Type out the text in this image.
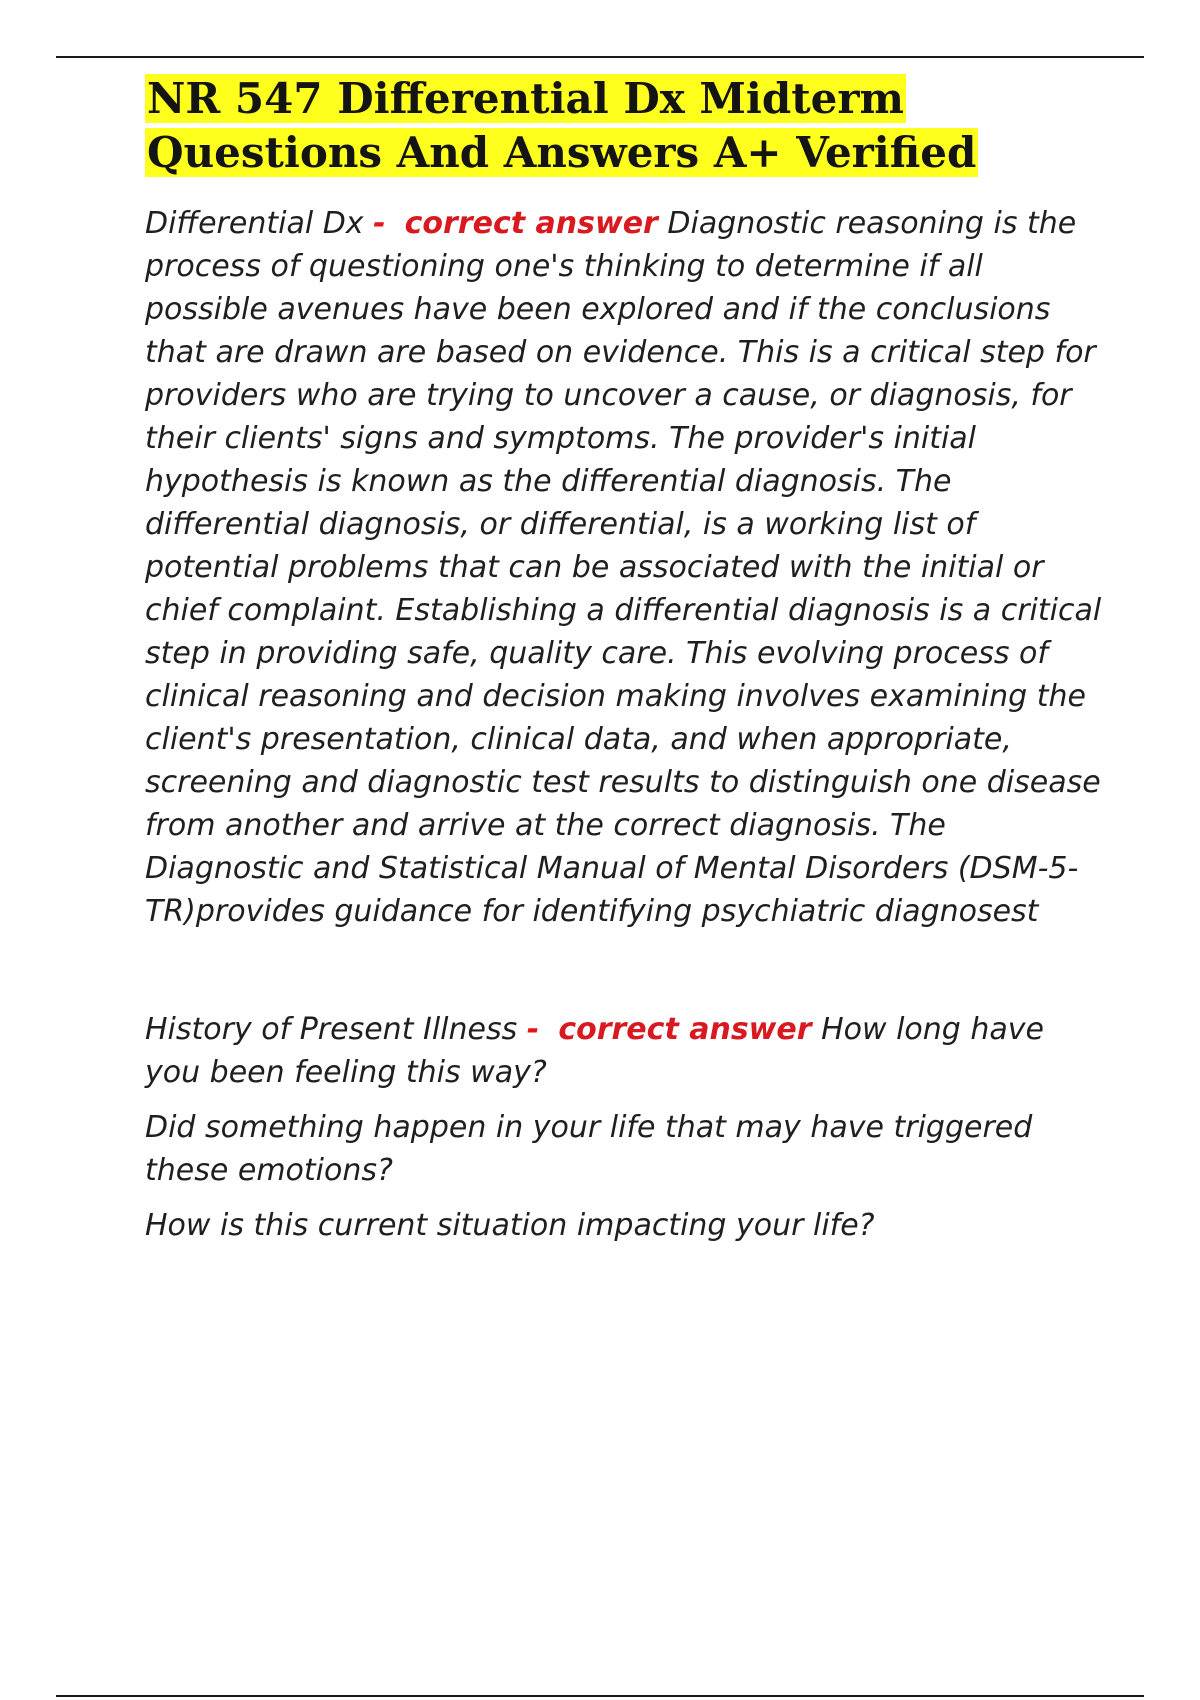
NR 547 Differential Dx Midterm Questions And Answers A+ Verified

Differential Dx - correct answer Diagnostic reasoning is the process of questioning one's thinking to determine if all possible avenues have been explored and if the conclusions that are drawn are based on evidence. This is a critical step for providers who are trying to uncover a cause, or diagnosis, for their clients' signs and symptoms. The provider's initial hypothesis is known as the differential diagnosis. The differential diagnosis, or differential, is a working list of potential problems that can be associated with the initial or chief complaint. Establishing a differential diagnosis is a critical step in providing safe, quality care. This evolving process of clinical reasoning and decision making involves examining the client's presentation, clinical data, and when appropriate, screening and diagnostic test results to distinguish one disease from another and arrive at the correct diagnosis. The Diagnostic and Statistical Manual of Mental Disorders (DSM-5-TR)provides guidance for identifying psychiatric diagnosest

History of Present Illness - correct answer How long have you been feeling this way?

Did something happen in your life that may have triggered these emotions?

How is this current situation impacting your life?
